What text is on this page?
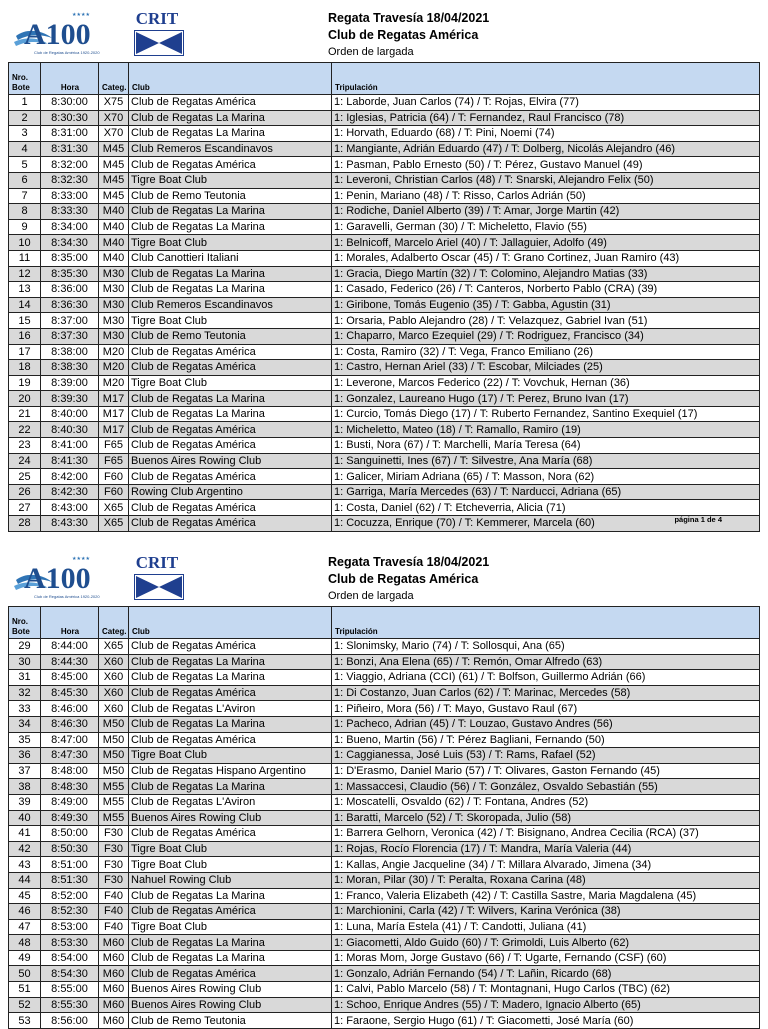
A100
Club de Regatas América 1920-2020
★★★★	CRIT	Regata Travesía 18/04/2021
Club de Regatas América
Orden de largada
Nro.
Bote	Hora	Categ.	Club	Tripulación
1	8:30:00	X75	Club de Regatas América	1: Laborde, Juan Carlos (74) / T: Rojas, Elvira (77)
2	8:30:30	X70	Club de Regatas La Marina	1: Iglesias, Patricia (64) / T: Fernandez, Raul Francisco (78)
3	8:31:00	X70	Club de Regatas La Marina	1: Horvath, Eduardo (68) / T: Pini, Noemi (74)
4	8:31:30	M45	Club Remeros Escandinavos	1: Mangiante, Adrián Eduardo (47) / T: Dolberg, Nicolás Alejandro (46)
5	8:32:00	M45	Club de Regatas América	1: Pasman, Pablo Ernesto (50) / T: Pérez, Gustavo Manuel (49)
6	8:32:30	M45	Tigre Boat Club	1: Leveroni, Christian Carlos (48) / T: Snarski, Alejandro Felix (50)
7	8:33:00	M45	Club de Remo Teutonia	1: Penin, Mariano (48) / T: Risso, Carlos Adrián (50)
8	8:33:30	M40	Club de Regatas La Marina	1: Rodiche, Daniel Alberto (39) / T: Amar, Jorge Martin (42)
9	8:34:00	M40	Club de Regatas La Marina	1: Garavelli, German (30) / T: Micheletto, Flavio (55)
10	8:34:30	M40	Tigre Boat Club	1: Belnicoff, Marcelo Ariel (40) / T: Jallaguier, Adolfo (49)
11	8:35:00	M40	Club Canottieri Italiani	1: Morales, Adalberto Oscar (45) / T: Grano Cortinez, Juan Ramiro (43)
12	8:35:30	M30	Club de Regatas La Marina	1: Gracia, Diego Martín (32) / T: Colomino, Alejandro Matias (33)
13	8:36:00	M30	Club de Regatas La Marina	1: Casado, Federico (26) / T: Canteros, Norberto Pablo (CRA) (39)
14	8:36:30	M30	Club Remeros Escandinavos	1: Giribone, Tomás Eugenio (35) / T: Gabba, Agustin (31)
15	8:37:00	M30	Tigre Boat Club	1: Orsaria, Pablo Alejandro (28) / T: Velazquez, Gabriel Ivan (51)
16	8:37:30	M30	Club de Remo Teutonia	1: Chaparro, Marco Ezequiel (29) / T: Rodriguez, Francisco (34)
17	8:38:00	M20	Club de Regatas América	1: Costa, Ramiro (32) / T: Vega, Franco Emiliano (26)
18	8:38:30	M20	Club de Regatas América	1: Castro, Hernan Ariel (33) / T: Escobar, Milciades (25)
19	8:39:00	M20	Tigre Boat Club	1: Leverone, Marcos Federico (22) / T: Vovchuk, Hernan (36)
20	8:39:30	M17	Club de Regatas La Marina	1: Gonzalez, Laureano Hugo (17) / T: Perez, Bruno Ivan (17)
21	8:40:00	M17	Club de Regatas La Marina	1: Curcio, Tomás Diego (17) / T: Ruberto Fernandez, Santino Exequiel (17)
22	8:40:30	M17	Club de Regatas América	1: Micheletto, Mateo (18) / T: Ramallo, Ramiro (19)
23	8:41:00	F65	Club de Regatas América	1: Busti, Nora (67) / T: Marchelli, María Teresa (64)
24	8:41:30	F65	Buenos Aires Rowing Club	1: Sanguinetti, Ines (67) / T: Silvestre, Ana María (68)
25	8:42:00	F60	Club de Regatas América	1: Galicer, Miriam Adriana (65) / T: Masson, Nora (62)
26	8:42:30	F60	Rowing Club Argentino	1: Garriga, María Mercedes (63) / T: Narducci, Adriana (65)
27	8:43:00	X65	Club de Regatas América	1: Costa, Daniel (62) / T: Etcheverria, Alicia (71)
28	8:43:30	X65	Club de Regatas América	1: Cocuzza, Enrique (70) / T: Kemmerer, Marcela (60)	página 1 de 4
A100
Club de Regatas América 1920-2020
★★★★	CRIT	Regata Travesía 18/04/2021
Club de Regatas América
Orden de largada
Nro.
Bote	Hora	Categ.	Club	Tripulación
29	8:44:00	X65	Club de Regatas América	1: Slonimsky, Mario (74) / T: Sollosqui, Ana (65)
30	8:44:30	X60	Club de Regatas La Marina	1: Bonzi, Ana Elena (65) / T: Remón, Omar Alfredo (63)
31	8:45:00	X60	Club de Regatas La Marina	1: Viaggio, Adriana (CCI) (61) / T: Bolfson, Guillermo Adrián (66)
32	8:45:30	X60	Club de Regatas América	1: Di Costanzo, Juan Carlos (62) / T: Marinac, Mercedes (58)
33	8:46:00	X60	Club de Regatas L'Aviron	1: Piñeiro, Mora (56) / T: Mayo, Gustavo Raul (67)
34	8:46:30	M50	Club de Regatas La Marina	1: Pacheco, Adrian (45) / T: Louzao, Gustavo Andres (56)
35	8:47:00	M50	Club de Regatas América	1: Bueno, Martin (56) / T: Pérez Bagliani, Fernando (50)
36	8:47:30	M50	Tigre Boat Club	1: Caggianessa, José Luis (53) / T: Rams, Rafael (52)
37	8:48:00	M50	Club de Regatas Hispano Argentino	1: D'Erasmo, Daniel Mario (57) / T: Olivares, Gaston Fernando (45)
38	8:48:30	M55	Club de Regatas La Marina	1: Massaccesi, Claudio (56) / T: González, Osvaldo Sebastián (55)
39	8:49:00	M55	Club de Regatas L'Aviron	1: Moscatelli, Osvaldo (62) / T: Fontana, Andres (52)
40	8:49:30	M55	Buenos Aires Rowing Club	1: Baratti, Marcelo (52) / T: Skoropada, Julio (58)
41	8:50:00	F30	Club de Regatas América	1: Barrera Gelhorn, Veronica (42) / T: Bisignano, Andrea Cecilia (RCA) (37)
42	8:50:30	F30	Tigre Boat Club	1: Rojas, Rocío Florencia (17) / T: Mandra, María Valeria (44)
43	8:51:00	F30	Tigre Boat Club	1: Kallas, Angie Jacqueline (34) / T: Millara Alvarado, Jimena (34)
44	8:51:30	F30	Nahuel Rowing Club	1: Moran, Pilar (30) / T: Peralta, Roxana Carina (48)
45	8:52:00	F40	Club de Regatas La Marina	1: Franco, Valeria Elizabeth (42) / T: Castilla Sastre, Maria Magdalena (45)
46	8:52:30	F40	Club de Regatas América	1: Marchionini, Carla (42) / T: Wilvers, Karina Verónica (38)
47	8:53:00	F40	Tigre Boat Club	1: Luna, María Estela (41) / T: Candotti, Juliana (41)
48	8:53:30	M60	Club de Regatas La Marina	1: Giacometti, Aldo Guido (60) / T: Grimoldi, Luis Alberto (62)
49	8:54:00	M60	Club de Regatas La Marina	1: Moras Mom, Jorge Gustavo (66) / T: Ugarte, Fernando (CSF) (60)
50	8:54:30	M60	Club de Regatas América	1: Gonzalo, Adrián Fernando (54) / T: Lañin, Ricardo (68)
51	8:55:00	M60	Buenos Aires Rowing Club	1: Calvi, Pablo Marcelo (58) / T: Montagnani, Hugo Carlos (TBC) (62)
52	8:55:30	M60	Buenos Aires Rowing Club	1: Schoo, Enrique Andres (55) / T: Madero, Ignacio Alberto (65)
53	8:56:00	M60	Club de Remo Teutonia	1: Faraone, Sergio Hugo (61) / T: Giacometti, José María (60)
